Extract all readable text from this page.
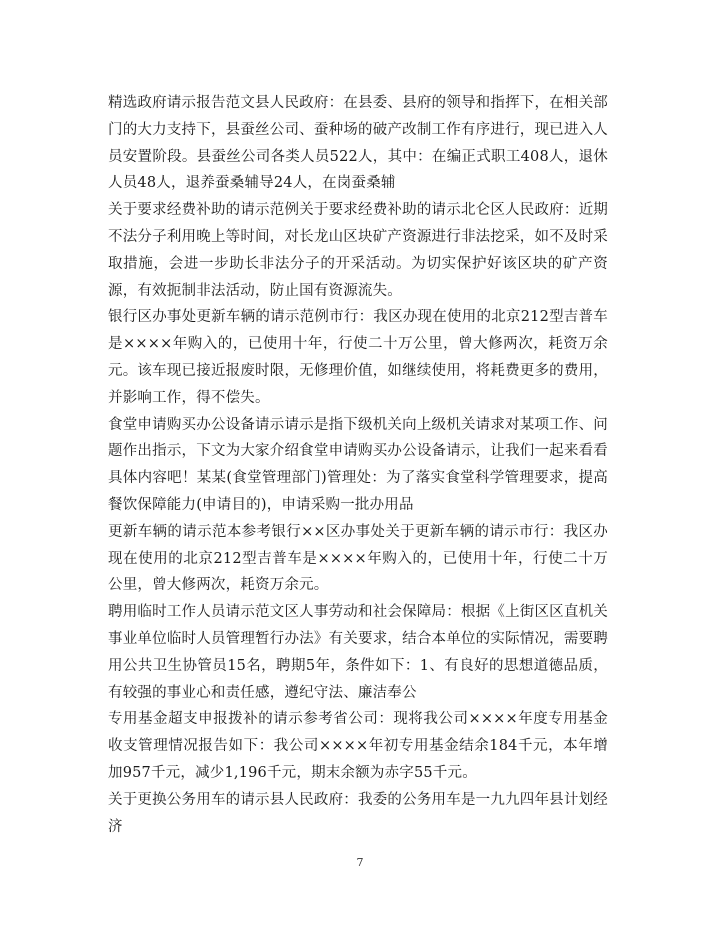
精选政府请示报告范文县人民政府：在县委、县府的领导和指挥下，在相关部门的大力支持下，县蚕丝公司、蚕种场的破产改制工作有序进行，现已进入人员安置阶段。县蚕丝公司各类人员522人，其中：在编正式职工408人，退休人员48人，退养蚕桑辅导24人，在岗蚕桑辅

关于要求经费补助的请示范例关于要求经费补助的请示北仑区人民政府：近期不法分子利用晚上等时间，对长龙山区块矿产资源进行非法挖采，如不及时采取措施，会进一步助长非法分子的开采活动。为切实保护好该区块的矿产资源，有效扼制非法活动，防止国有资源流失。

银行区办事处更新车辆的请示范例市行：我区办现在使用的北京212型吉普车是××××年购入的，已使用十年，行使二十万公里，曾大修两次，耗资万余元。该车现已接近报废时限，无修理价值，如继续使用，将耗费更多的费用，并影响工作，得不偿失。

食堂申请购买办公设备请示请示是指下级机关向上级机关请求对某项工作、问题作出指示，下文为大家介绍食堂申请购买办公设备请示，让我们一起来看看具体内容吧！某某(食堂管理部门)管理处：为了落实食堂科学管理要求，提高餐饮保障能力(申请目的)，申请采购一批办用品

更新车辆的请示范本参考银行××区办事处关于更新车辆的请示市行：我区办现在使用的北京212型吉普车是××××年购入的，已使用十年，行使二十万公里，曾大修两次，耗资万余元。

聘用临时工作人员请示范文区人事劳动和社会保障局：根据《上街区区直机关事业单位临时人员管理暂行办法》有关要求，结合本单位的实际情况，需要聘用公共卫生协管员15名，聘期5年，条件如下：1、有良好的思想道德品质，有较强的事业心和责任感，遵纪守法、廉洁奉公

专用基金超支申报拨补的请示参考省公司：现将我公司××××年度专用基金收支管理情况报告如下：我公司××××年初专用基金结余184千元，本年增加957千元，减少1,196千元，期末余额为赤字55千元。

关于更换公务用车的请示县人民政府：我委的公务用车是一九九四年县计划经济

7
